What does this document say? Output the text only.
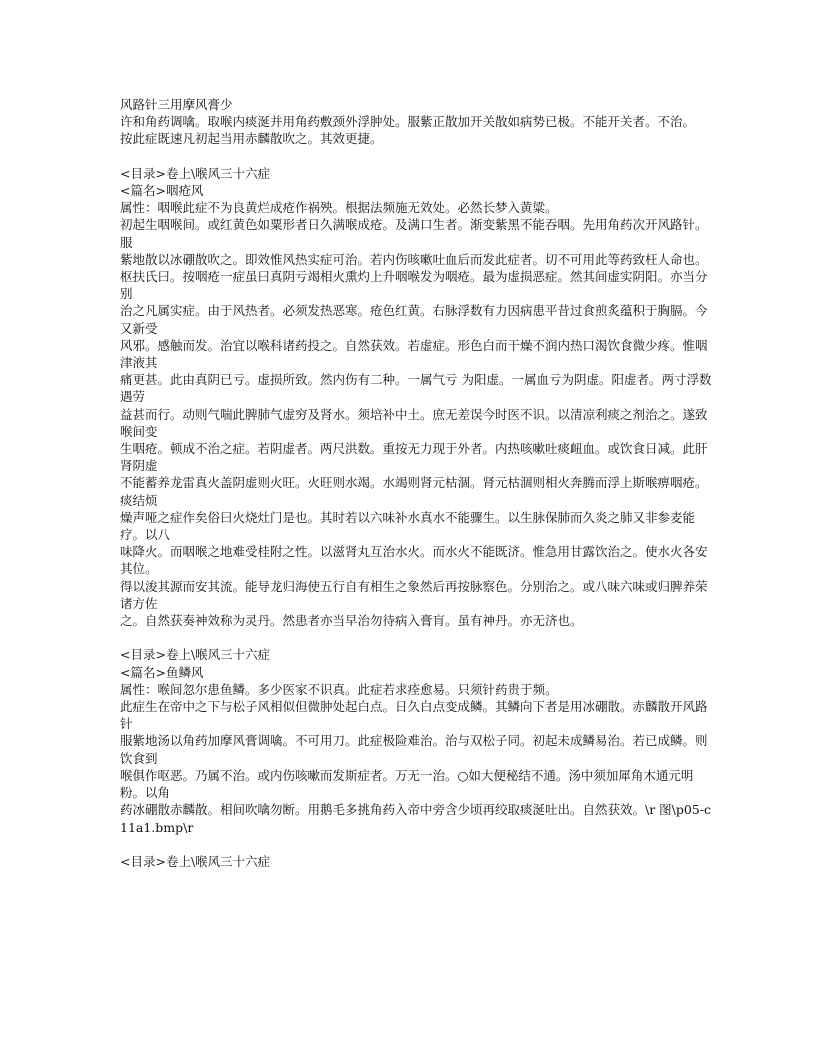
风路针三用摩风膏少

许和角药调噙。取喉内痰涎并用角药敷颈外浮肿处。服紫正散加开关散如病势已极。不能开关者。不治。

按此症既速凡初起当用赤麟散吹之。其效更捷。

<目录>卷上\喉风三十六症

<篇名>咽疮风

属性：咽喉此症不为良黄烂成疮作祸殃。根据法频施无效处。必然长梦入黄粱。

初起生咽喉间。或红黄色如粟形者日久满喉成疮。及满口生者。渐变紫黑不能吞咽。先用角药次开风路针。服

紫地散以冰硼散吹之。即效惟风热实症可治。若内伤咳嗽吐血后而发此症者。切不可用此等药致枉人命也。

枢扶氏曰。按咽疮一症虽曰真阴亏竭相火熏灼上升咽喉发为咽疮。最为虚损恶症。然其间虚实阴阳。亦当分别

治之凡属实症。由于风热者。必须发热恶寒。疮色红黄。右脉浮数有力因病患平昔过食煎炙蕴积于胸膈。今又新受

风邪。感触而发。治宜以喉科诸药投之。自然获效。若虚症。形色白而干燥不润内热口渴饮食微少疼。惟咽津液其

痛更甚。此由真阴已亏。虚损所致。然内伤有二种。一属气亏 为阳虚。一属血亏为阴虚。阳虚者。两寸浮数遇劳

益甚而行。动则气喘此脾肺气虚穷及肾水。须培补中土。庶无差误今时医不识。以清凉利痰之剂治之。遂致喉间变

生咽疮。顿成不治之症。若阴虚者。两尺洪数。重按无力现于外者。内热咳嗽吐痰衄血。或饮食日减。此肝肾阴虚

不能蓄养龙雷真火盖阴虚则火旺。火旺则水竭。水竭则肾元枯涸。肾元枯涸则相火奔腾而浮上斯喉痹咽疮。痰结烦

燥声哑之症作矣俗曰火烧灶门是也。其时若以六味补水真水不能骤生。以生脉保肺而久炎之肺又非参麦能疗。以八

味降火。而咽喉之地难受桂附之性。以滋肾丸互治水火。而水火不能既济。惟急用甘露饮治之。使水火各安其位。

得以浚其源而安其流。能导龙归海使五行自有相生之象然后再按脉察色。分别治之。或八味六味或归脾养荣诸方佐

之。自然获奏神效称为灵丹。然患者亦当早治勿待病入膏肓。虽有神丹。亦无济也。

<目录>卷上\喉风三十六症

<篇名>鱼鳞风

属性：喉间忽尔患鱼鳞。多少医家不识真。此症若求痊愈易。只须针药贵于频。

此症生在帝中之下与松子风相似但微肿处起白点。日久白点变成鳞。其鳞向下者是用冰硼散。赤麟散开风路针

服紫地汤以角药加摩风膏调噙。不可用刀。此症极险难治。治与双松子同。初起未成鳞易治。若已成鳞。则饮食到

喉俱作呕恶。乃属不治。或内伤咳嗽而发斯症者。万无一治。○如大便秘结不通。汤中须加犀角木通元明粉。以角

药冰硼散赤麟散。相间吹噙勿断。用鹅毛多挑角药入帝中旁含少顷再绞取痰涎吐出。自然获效。\r 图\p05-c11a1.bmp\r

<目录>卷上\喉风三十六症
